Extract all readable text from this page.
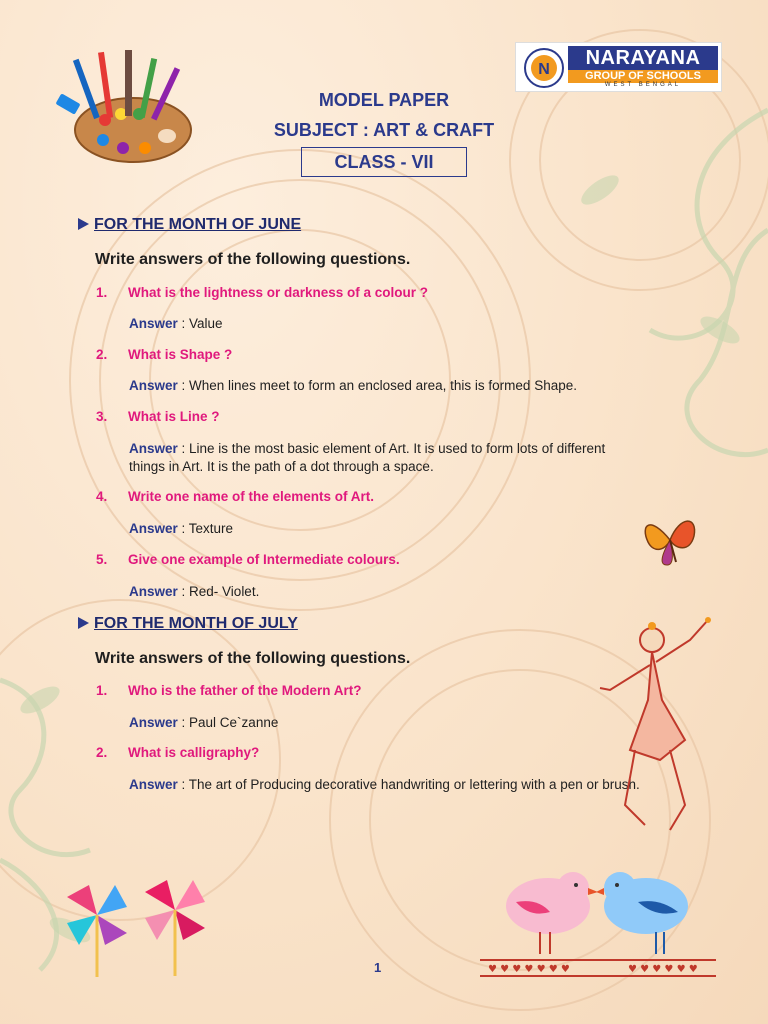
N
NARAYANA
GROUP OF SCHOOLS
WEST BENGAL
MODEL PAPER
SUBJECT : ART & CRAFT
CLASS - VII
FOR THE MONTH OF JUNE
Write answers of the following questions.
1. What is the lightness or darkness of a colour ?
Answer : Value
2. What is Shape ?
Answer : When lines meet to form an enclosed area, this is formed Shape.
3. What is Line ?
Answer : Line is the most basic element of Art. It is used to form lots of different things in Art. It is the path of a dot through a space.
4. Write one name of the elements of Art.
Answer : Texture
5. Give one example of Intermediate colours.
Answer : Red- Violet.
FOR THE MONTH OF JULY
Write answers of the following questions.
1. Who is the father of the Modern Art?
Answer : Paul Ce`zanne
2. What is calligraphy?
Answer : The art of Producing decorative handwriting or lettering with a pen or brush.
♥ ♥ ♥ ♥ ♥ ♥ ♥	♥ ♥ ♥ ♥ ♥ ♥
1
